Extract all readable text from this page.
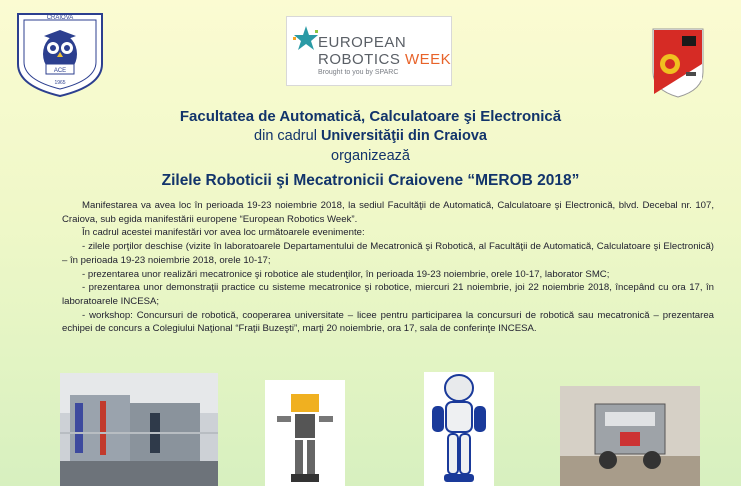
CRAIOVA
ACE
1965
EUROPEAN
ROBOTICS WEEK
Brought to you by SPARC
Facultatea de Automatică, Calculatoare şi Electronică
din cadrul Universităţii din Craiova
organizează
Zilele Roboticii şi Mecatronicii Craiovene “MEROB 2018”

Manifestarea va avea loc în perioada 19-23 noiembrie 2018, la sediul Facultăţii de Automatică, Calculatoare şi Electronică, blvd. Decebal nr. 107, Craiova, sub egida manifestării europene “European Robotics Week”.

În cadrul acestei manifestări vor avea loc următoarele evenimente:

- zilele porţilor deschise (vizite în laboratoarele Departamentului de Mecatronică şi Robotică, al Facultăţii de Automatică, Calculatoare şi Electronică) – în perioada 19-23 noiembrie 2018, orele 10-17;

- prezentarea unor realizări mecatronice şi robotice ale studenţilor, în perioada 19-23 noiembrie, orele 10-17, laborator SMC;

- prezentarea unor demonstraţii practice cu sisteme mecatronice şi robotice, miercuri 21 noiembrie, joi 22 noiembrie 2018, începând cu ora 17, în laboratoarele INCESA;

- workshop: Concursuri de robotică, cooperarea universitate – licee pentru participarea la concursuri de robotică sau mecatronică – prezentarea echipei de concurs a Colegiului Naţional “Fraţii Buzeşti”, marţi 20 noiembrie, ora 17, sala de conferinţe INCESA.
